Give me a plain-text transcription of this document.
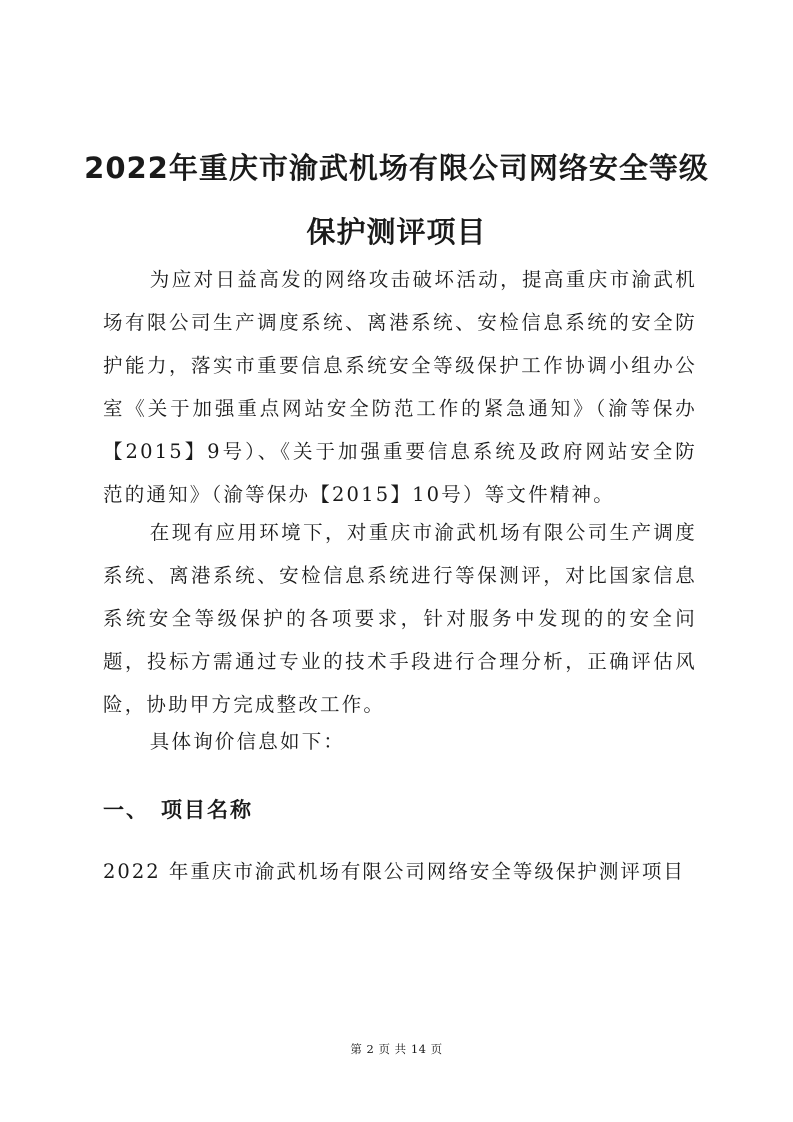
2022年重庆市渝武机场有限公司网络安全等级
保护测评项目

为应对日益高发的网络攻击破坏活动，提高重庆市渝武机场有限公司生产调度系统、离港系统、安检信息系统的安全防护能力，落实市重要信息系统安全等级保护工作协调小组办公室《关于加强重点网站安全防范工作的紧急通知》（渝等保办【2015】9号）、《关于加强重要信息系统及政府网站安全防范的通知》（渝等保办【2015】10号）等文件精神。

在现有应用环境下，对重庆市渝武机场有限公司生产调度系统、离港系统、安检信息系统进行等保测评，对比国家信息系统安全等级保护的各项要求，针对服务中发现的的安全问题，投标方需通过专业的技术手段进行合理分析，正确评估风险，协助甲方完成整改工作。

具体询价信息如下：

一、 项目名称
2022 年重庆市渝武机场有限公司网络安全等级保护测评项目
第 2 页 共 14 页
